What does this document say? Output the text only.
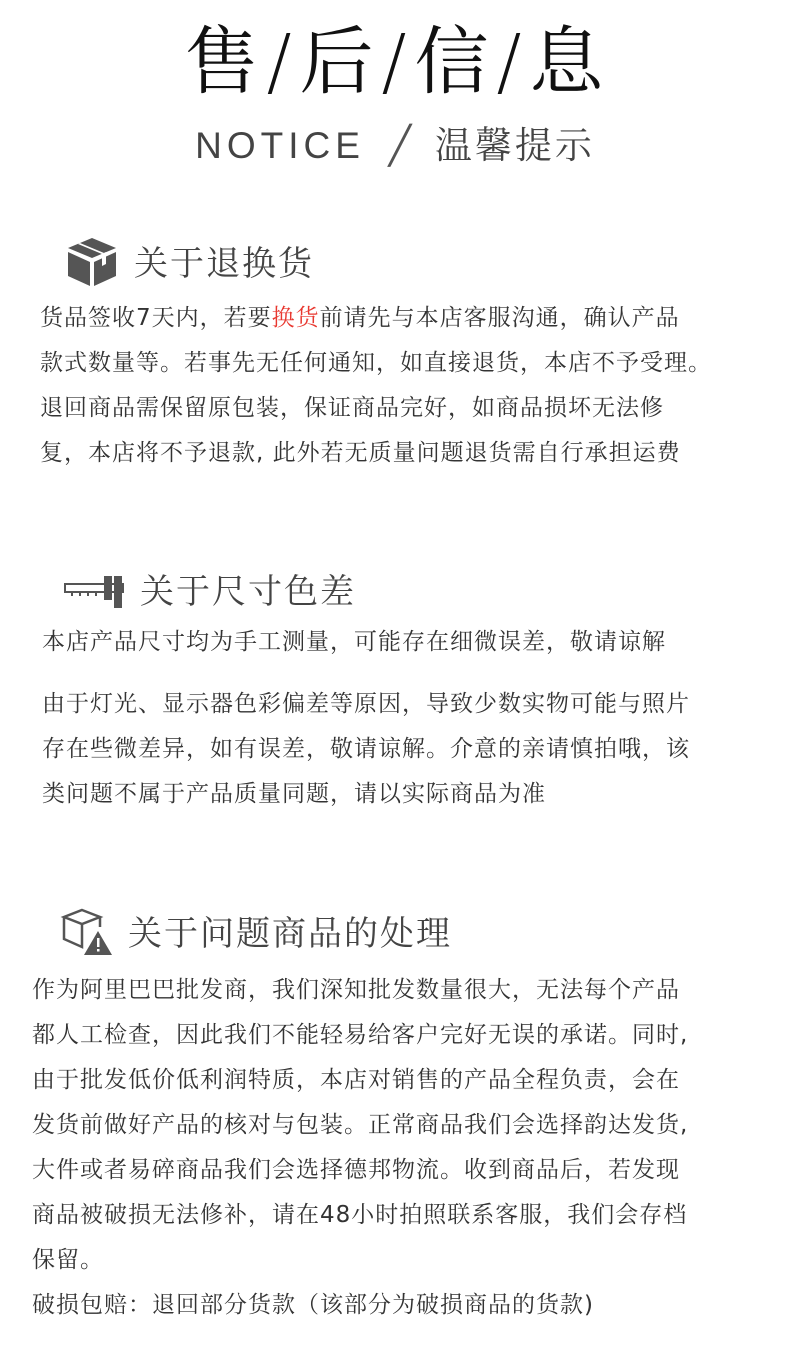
售/后/信/息
NOTICE ╱ 温馨提示
关于退换货
货品签收7天内，若要换货前请先与本店客服沟通，确认产品
款式数量等。若事先无任何通知，如直接退货，本店不予受理。
退回商品需保留原包装，保证商品完好，如商品损坏无法修
复，本店将不予退款, 此外若无质量问题退货需自行承担运费
关于尺寸色差
本店产品尺寸均为手工测量，可能存在细微误差，敬请谅解
由于灯光、显示器色彩偏差等原因，导致少数实物可能与照片
存在些微差异，如有误差，敬请谅解。介意的亲请慎拍哦，该
类问题不属于产品质量同题，请以实际商品为准
关于问题商品的处理
作为阿里巴巴批发商，我们深知批发数量很大，无法每个产品
都人工检查，因此我们不能轻易给客户完好无误的承诺。同时,
由于批发低价低利润特质，本店对销售的产品全程负责，会在
发货前做好产品的核对与包装。正常商品我们会选择韵达发货,
大件或者易碎商品我们会选择德邦物流。收到商品后，若发现
商品被破损无法修补，请在48小时拍照联系客服，我们会存档
保留。
破损包赔：退回部分货款（该部分为破损商品的货款)
